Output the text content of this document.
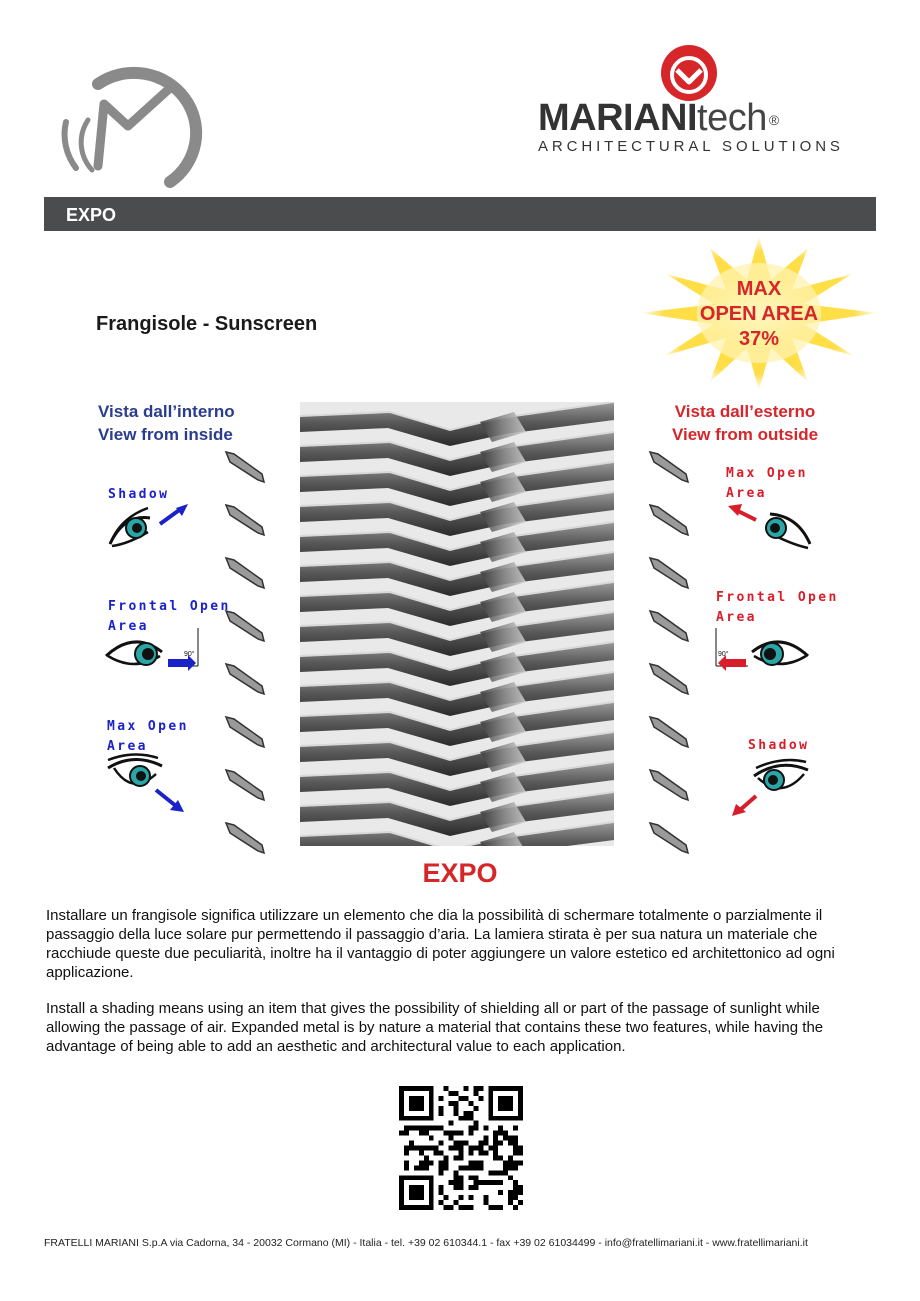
MARIANItech ®
ARCHITECTURAL SOLUTIONS
EXPO
MAX
OPEN AREA
37%
Frangisole - Sunscreen
Vista dall’interno
View from inside
Vista dall’esterno
View from outside
Shadow
Frontal Open
Area
90°
Max Open
Area
Max Open
Area
Frontal Open
Area
90°
Shadow
EXPO
Installare un frangisole significa utilizzare un elemento che dia la possibilità di schermare totalmente o parzialmente il passaggio della luce solare pur permettendo il passaggio d’aria. La lamiera stirata è per sua natura un materiale che racchiude queste due peculiarità, inoltre ha il vantaggio di poter aggiungere un valore estetico ed architettonico ad ogni applicazione.
Install a shading means using an item that gives the possibility of shielding all or part of the passage of sunlight while allowing the passage of air. Expanded metal is by nature a material that contains these two features, while having the advantage of being able to add an aesthetic and architectural value to each application.
FRATELLI MARIANI S.p.A via Cadorna, 34 - 20032 Cormano (MI) - Italia - tel. +39 02 610344.1 - fax +39 02 61034499 - info@fratellimariani.it - www.fratellimariani.it
